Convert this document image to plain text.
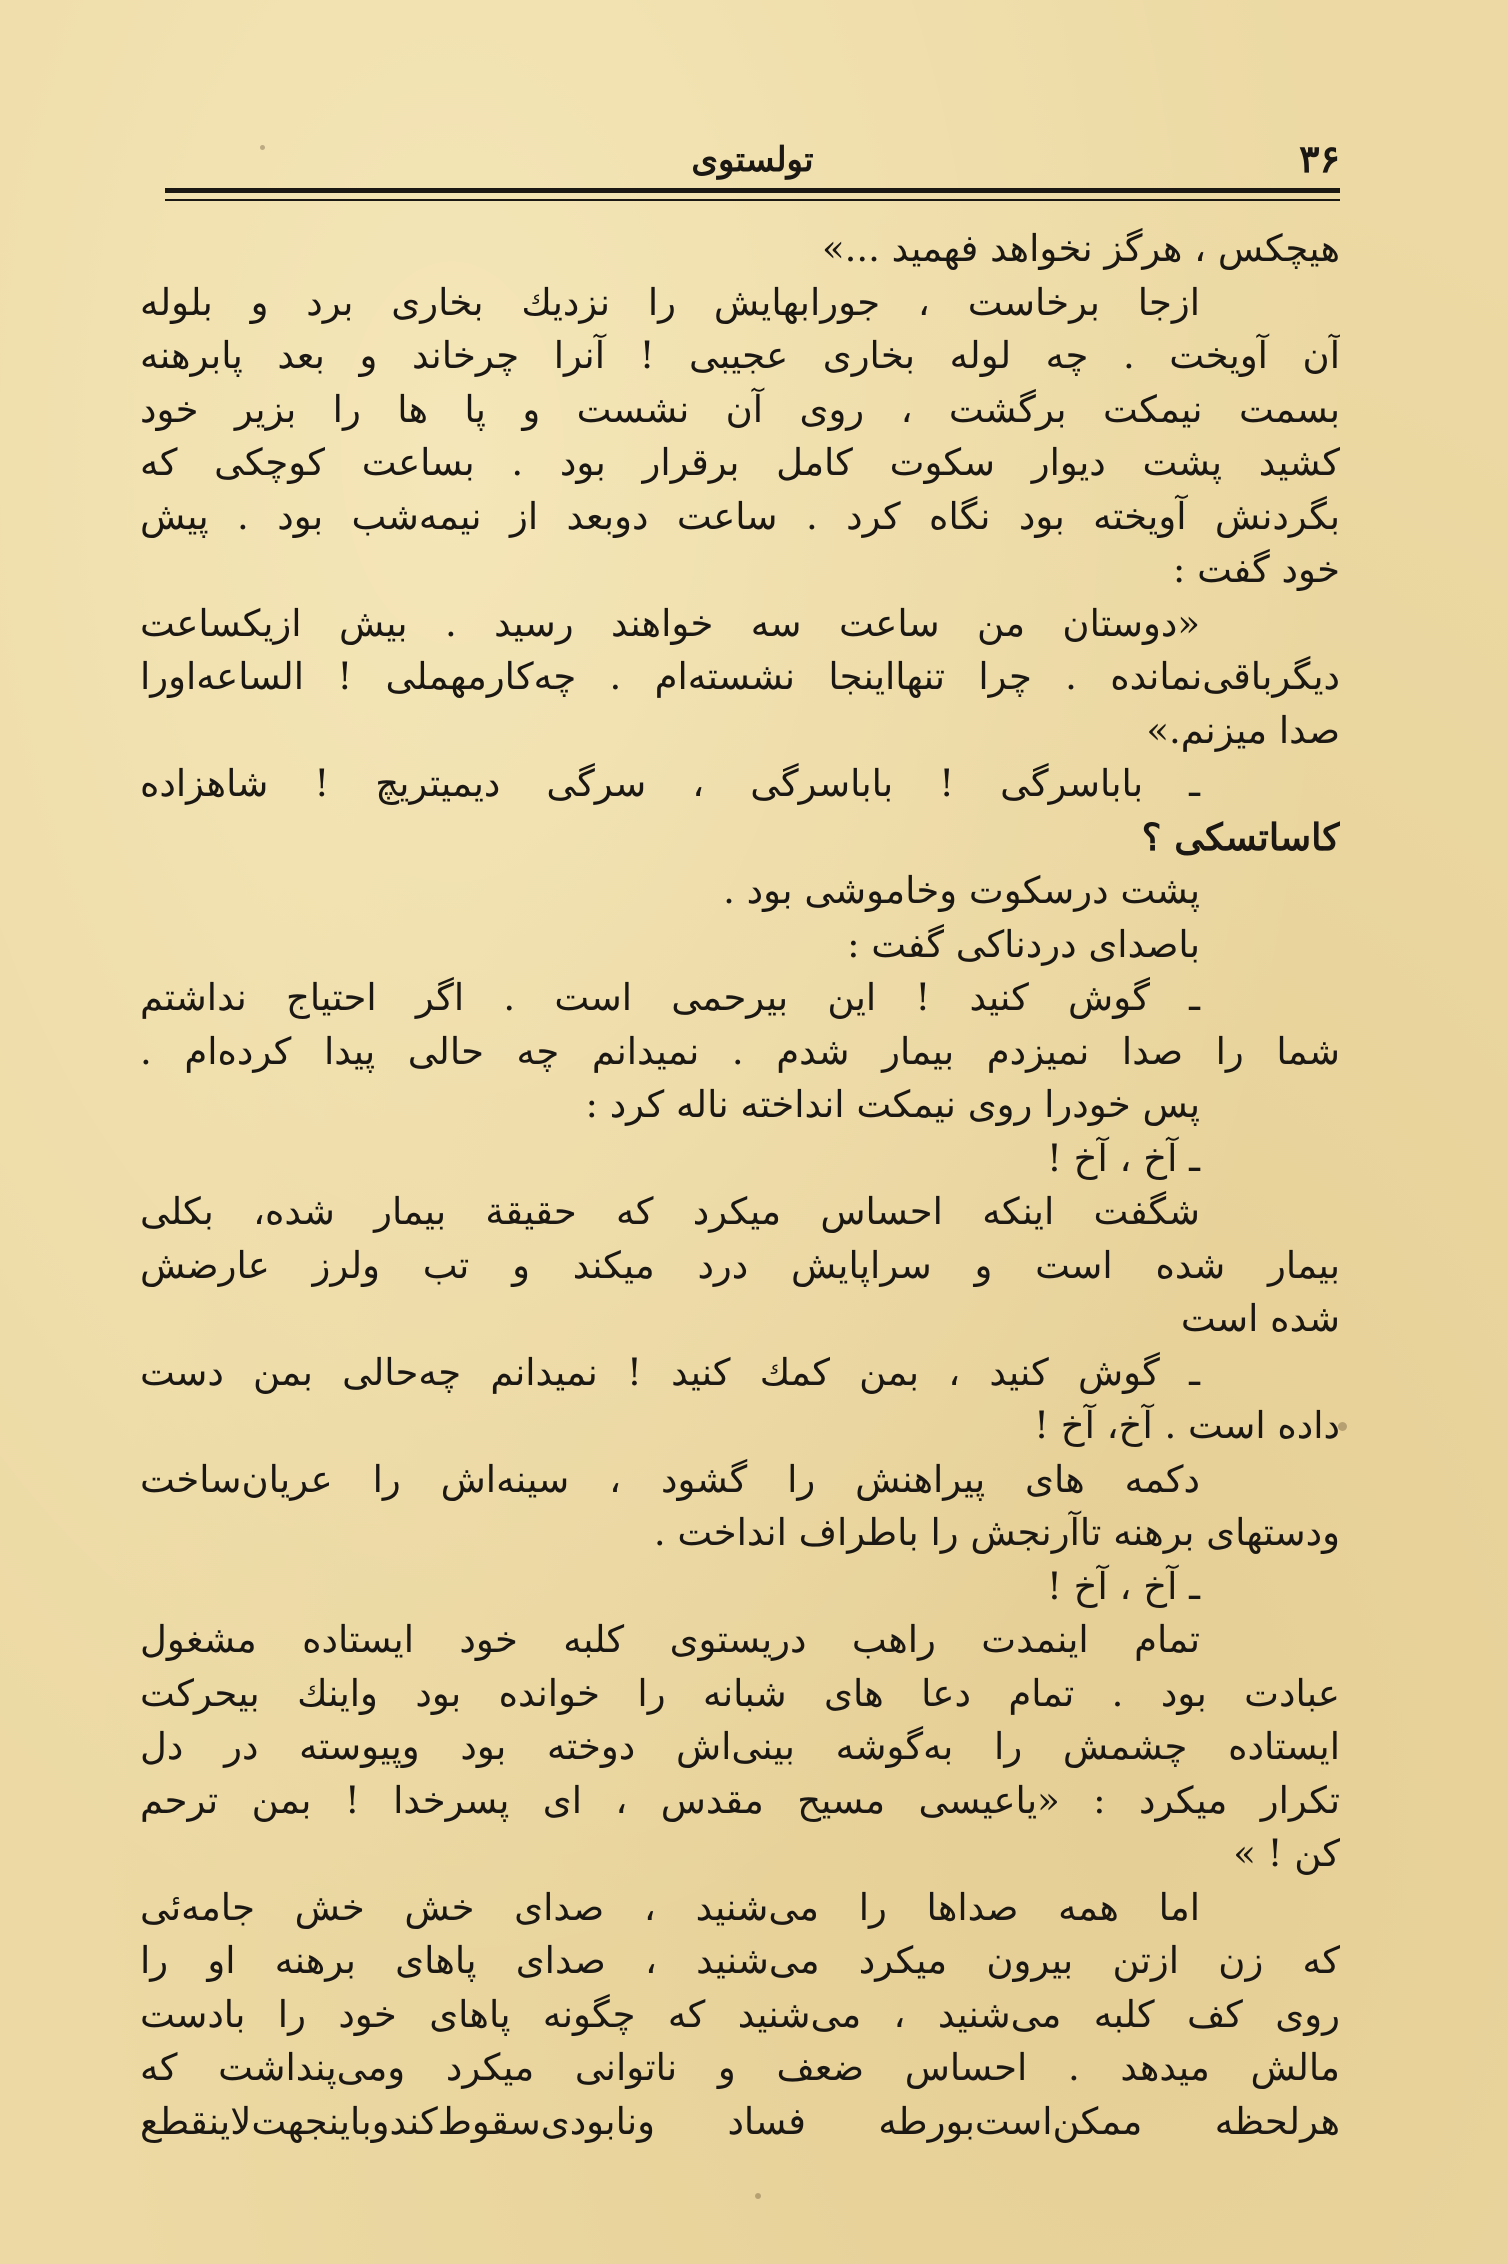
۳۶
تولستوی
هیچکس ، هرگز نخواهد فهمید ...»
ازجا برخاست ، جورابهایش را نزدیك بخاری برد و بلوله
آن آویخت . چه لوله بخاری عجیبی ! آنرا چرخاند و بعد پابرهنه
بسمت نیمکت برگشت ، روی آن نشست و پا ها را بزیر خود
کشید پشت دیوار سکوت کامل برقرار بود . بساعت کوچکی که
بگردنش آویخته بود نگاه کرد . ساعت دوبعد از نیمه‌شب بود . پیش
خود گفت :
«دوستان من ساعت سه خواهند رسید . بیش ازیکساعت
دیگرباقی‌نمانده . چرا تنهااینجا نشسته‌ام . چه‌کارمهملی ! الساعه‌اورا
صدا میزنم.»
ـ باباسرگی ! باباسرگی ، سرگی دیمیتریچ ! شاهزاده
کاساتسکی ؟
پشت درسکوت وخاموشی بود .
باصدای دردناکی گفت :
ـ گوش کنید ! این بیرحمی است . اگر احتیاج نداشتم
شما را صدا نمیزدم بیمار شدم . نمیدانم چه حالی پیدا کرده‌ام .
پس خودرا روی نیمکت انداخته ناله کرد :
ـ آخ ، آخ !
شگفت اینکه احساس میکرد که حقیقة بیمار شده، بکلی
بیمار شده است و سراپایش درد میکند و تب ولرز عارضش
شده است
ـ گوش کنید ، بمن کمك کنید ! نمیدانم چه‌حالی بمن دست
داده است . آخ، آخ !
دکمه های پیراهنش را گشود ، سینه‌اش را عریان‌ساخت
ودستهای برهنه تاآرنجش را باطراف انداخت .
ـ آخ ، آخ !
تمام اینمدت راهب دریستوی کلبه خود ایستاده مشغول
عبادت بود . تمام دعا های شبانه را خوانده بود واینك بیحرکت
ایستاده چشمش را به‌گوشه بینی‌اش دوخته بود وپیوسته در دل
تکرار میکرد : «یاعیسی مسیح مقدس ، ای پسرخدا ! بمن ترحم
کن ! »
اما همه صداها را می‌شنید ، صدای خش خش جامه‌ئی
که زن ازتن بیرون میکرد می‌شنید ، صدای پاهای برهنه او را
روی کف کلبه می‌شنید ، می‌شنید که چگونه پاهای خود را بادست
مالش میدهد . احساس ضعف و ناتوانی میکرد ومی‌پنداشت که
هرلحظه ممکن‌است‌بورطه فساد ونابودی‌سقوط‌کندوباینجهت‌لاینقطع
